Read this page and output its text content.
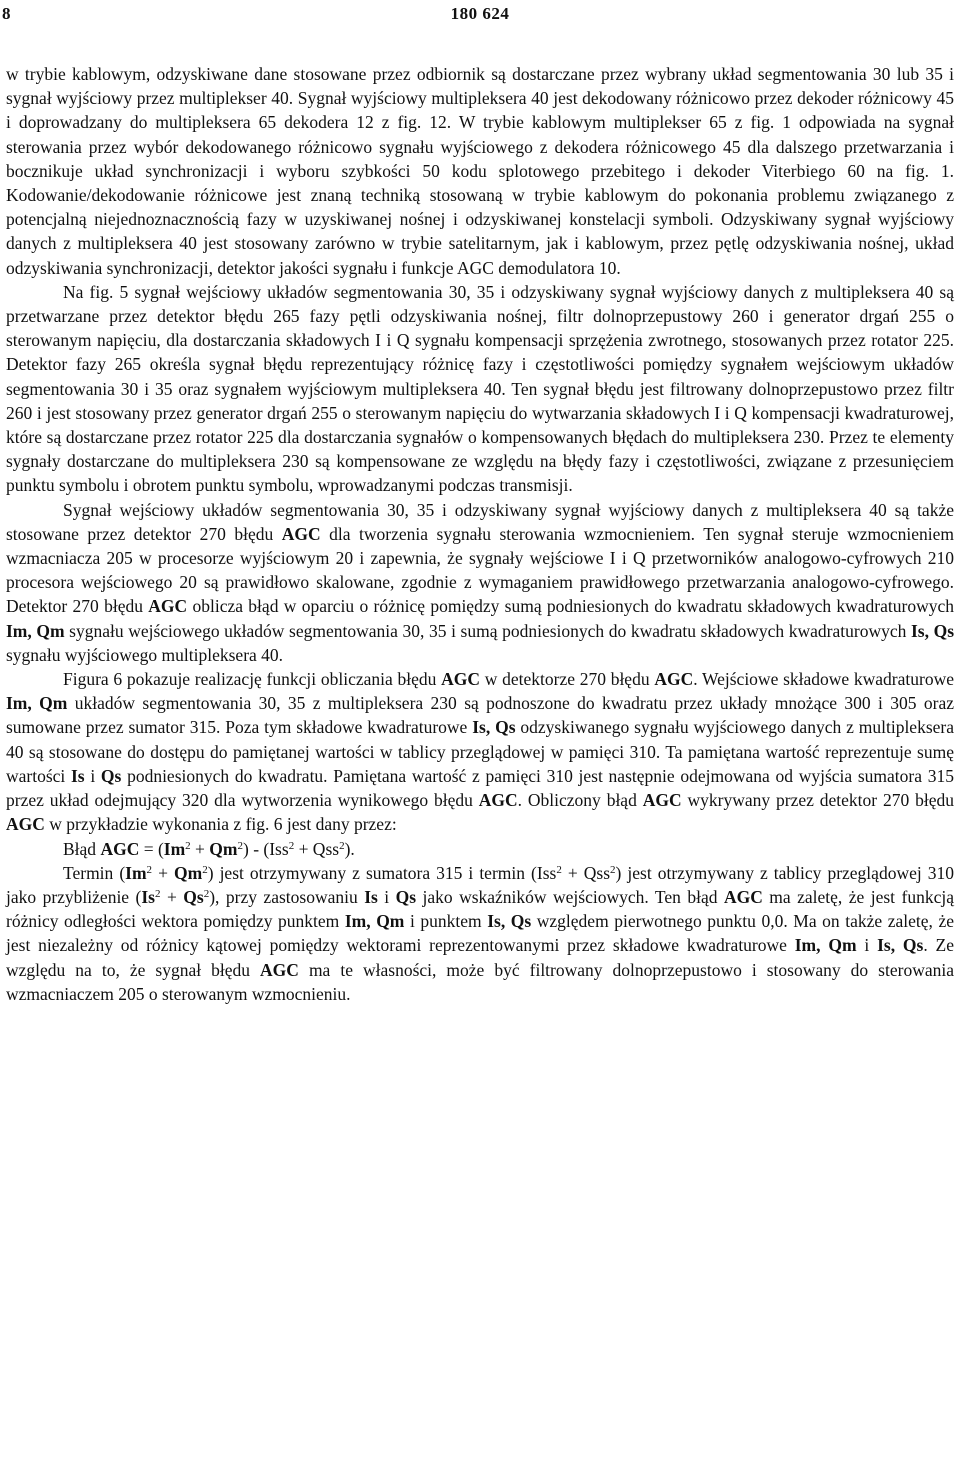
8	180 624

w trybie kablowym, odzyskiwane dane stosowane przez odbiornik są dostarczane przez wybrany układ segmentowania 30 lub 35 i sygnał wyjściowy przez multiplekser 40. Sygnał wyjściowy multipleksera 40 jest dekodowany różnicowo przez dekoder różnicowy 45 i doprowadzany do multipleksera 65 dekodera 12 z fig. 12. W trybie kablowym multiplekser 65 z fig. 1 odpowiada na sygnał sterowania przez wybór dekodowanego różnicowo sygnału wyjściowego z dekodera różnicowego 45 dla dalszego przetwarzania i bocznikuje układ synchronizacji i wyboru szybkości 50 kodu splotowego przebitego i dekoder Viterbiego 60 na fig. 1. Kodowanie/dekodowanie różnicowe jest znaną techniką stosowaną w trybie kablowym do pokonania problemu związanego z potencjalną niejednoznacznością fazy w uzyskiwanej nośnej i odzyskiwanej konstelacji symboli. Odzyskiwany sygnał wyjściowy danych z multipleksera 40 jest stosowany zarówno w trybie satelitarnym, jak i kablowym, przez pętlę odzyskiwania nośnej, układ odzyskiwania synchronizacji, detektor jakości sygnału i funkcje AGC demodulatora 10.

Na fig. 5 sygnał wejściowy układów segmentowania 30, 35 i odzyskiwany sygnał wyjściowy danych z multipleksera 40 są przetwarzane przez detektor błędu 265 fazy pętli odzyskiwania nośnej, filtr dolnoprzepustowy 260 i generator drgań 255 o sterowanym napięciu, dla dostarczania składowych I i Q sygnału kompensacji sprzężenia zwrotnego, stosowanych przez rotator 225. Detektor fazy 265 określa sygnał błędu reprezentujący różnicę fazy i częstotliwości pomiędzy sygnałem wejściowym układów segmentowania 30 i 35 oraz sygnałem wyjściowym multipleksera 40. Ten sygnał błędu jest filtrowany dolnoprzepustowo przez filtr 260 i jest stosowany przez generator drgań 255 o sterowanym napięciu do wytwarzania składowych I i Q kompensacji kwadraturowej, które są dostarczane przez rotator 225 dla dostarczania sygnałów o kompensowanych błędach do multipleksera 230. Przez te elementy sygnały dostarczane do multipleksera 230 są kompensowane ze względu na błędy fazy i częstotliwości, związane z przesunięciem punktu symbolu i obrotem punktu symbolu, wprowadzanymi podczas transmisji.

Sygnał wejściowy układów segmentowania 30, 35 i odzyskiwany sygnał wyjściowy danych z multipleksera 40 są także stosowane przez detektor 270 błędu AGC dla tworzenia sygnału sterowania wzmocnieniem. Ten sygnał steruje wzmocnieniem wzmacniacza 205 w procesorze wyjściowym 20 i zapewnia, że sygnały wejściowe I i Q przetworników analogowo-cyfrowych 210 procesora wejściowego 20 są prawidłowo skalowane, zgodnie z wymaganiem prawidłowego przetwarzania analogowo-cyfrowego. Detektor 270 błędu AGC oblicza błąd w oparciu o różnicę pomiędzy sumą podniesionych do kwadratu składowych kwadraturowych Im, Qm sygnału wejściowego układów segmentowania 30, 35 i sumą podniesionych do kwadratu składowych kwadraturowych Is, Qs sygnału wyjściowego multipleksera 40.

Figura 6 pokazuje realizację funkcji obliczania błędu AGC w detektorze 270 błędu AGC. Wejściowe składowe kwadraturowe Im, Qm układów segmentowania 30, 35 z multipleksera 230 są podnoszone do kwadratu przez układy mnożące 300 i 305 oraz sumowane przez sumator 315. Poza tym składowe kwadraturowe Is, Qs odzyskiwanego sygnału wyjściowego danych z multipleksera 40 są stosowane do dostępu do pamiętanej wartości w tablicy przeglądowej w pamięci 310. Ta pamiętana wartość reprezentuje sumę wartości Is i Qs podniesionych do kwadratu. Pamiętana wartość z pamięci 310 jest następnie odejmowana od wyjścia sumatora 315 przez układ odejmujący 320 dla wytworzenia wynikowego błędu AGC. Obliczony błąd AGC wykrywany przez detektor 270 błędu AGC w przykładzie wykonania z fig. 6 jest dany przez:

Błąd AGC = $(Im^2 + Qm^2) - (Iss^2 + Qss^2)$.

Termin $(Im^2 + Qm^2)$ jest otrzymywany z sumatora 315 i termin (Iss$^2$ + Qss$^2$) jest otrzymywany z tablicy przeglądowej 310 jako przybliżenie $(Is^2 + Qs^2)$, przy zastosowaniu Is i Qs jako wskaźników wejściowych. Ten błąd AGC ma zaletę, że jest funkcją różnicy odległości wektora pomiędzy punktem Im, Qm i punktem Is, Qs względem pierwotnego punktu 0,0. Ma on także zaletę, że jest niezależny od różnicy kątowej pomiędzy wektorami reprezentowanymi przez składowe kwadraturowe Im, Qm i Is, Qs. Ze względu na to, że sygnał błędu AGC ma te własności, może być filtrowany dolnoprzepustowo i stosowany do sterowania wzmacniaczem 205 o sterowanym wzmocnieniu.
